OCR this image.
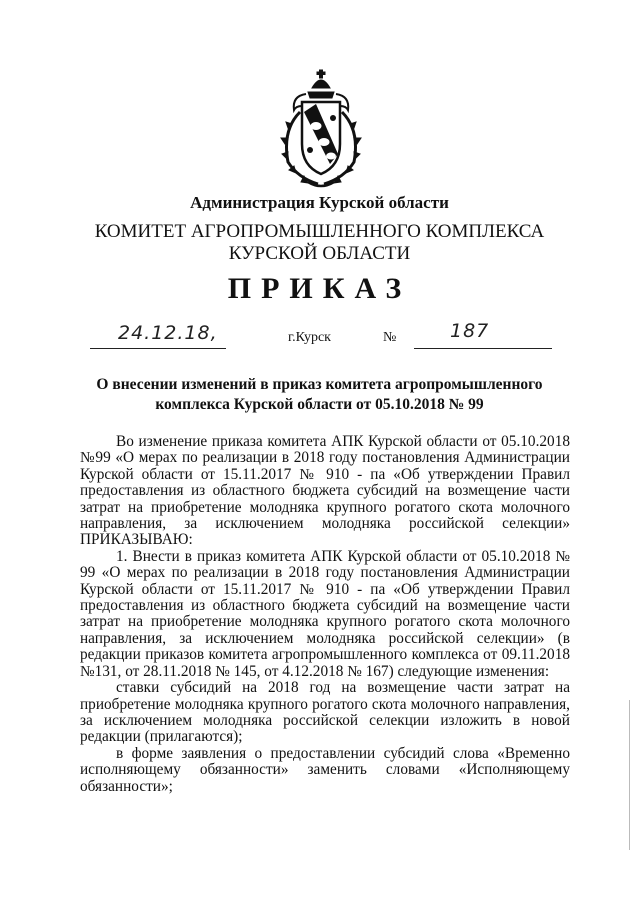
Администрация Курской области
КОМИТЕТ АГРОПРОМЫШЛЕННОГО КОМПЛЕКСА
КУРСКОЙ ОБЛАСТИ
ПРИКАЗ
24.12.18,	г.Курск	№	187
О внесении изменений в приказ комитета агропромышленного
комплекса Курской области от 05.10.2018 № 99

Во изменение приказа комитета АПК Курской области от 05.10.2018 №99 «О мерах по реализации в 2018 году постановления Администрации Курской области от 15.11.2017 № 910 - па «Об утверждении Правил предоставления из областного бюджета субсидий на возмещение части затрат на приобретение молодняка крупного рогатого скота молочного направления, за исключением молодняка российской селекции» ПРИКАЗЫВАЮ:

1. Внести в приказ комитета АПК Курской области от 05.10.2018 № 99 «О мерах по реализации в 2018 году постановления Администрации Курской области от 15.11.2017 № 910 - па «Об утверждении Правил предоставления из областного бюджета субсидий на возмещение части затрат на приобретение молодняка крупного рогатого скота молочного направления, за исключением молодняка российской селекции» (в редакции приказов комитета агропромышленного комплекса от 09.11.2018 №131, от 28.11.2018 № 145, от 4.12.2018 № 167) следующие изменения:

ставки субсидий на 2018 год на возмещение части затрат на приобретение молодняка крупного рогатого скота молочного направления, за исключением молодняка российской селекции изложить в новой редакции (прилагаются);

в форме заявления о предоставлении субсидий слова «Временно исполняющему обязанности» заменить словами «Исполняющему обязанности»;
